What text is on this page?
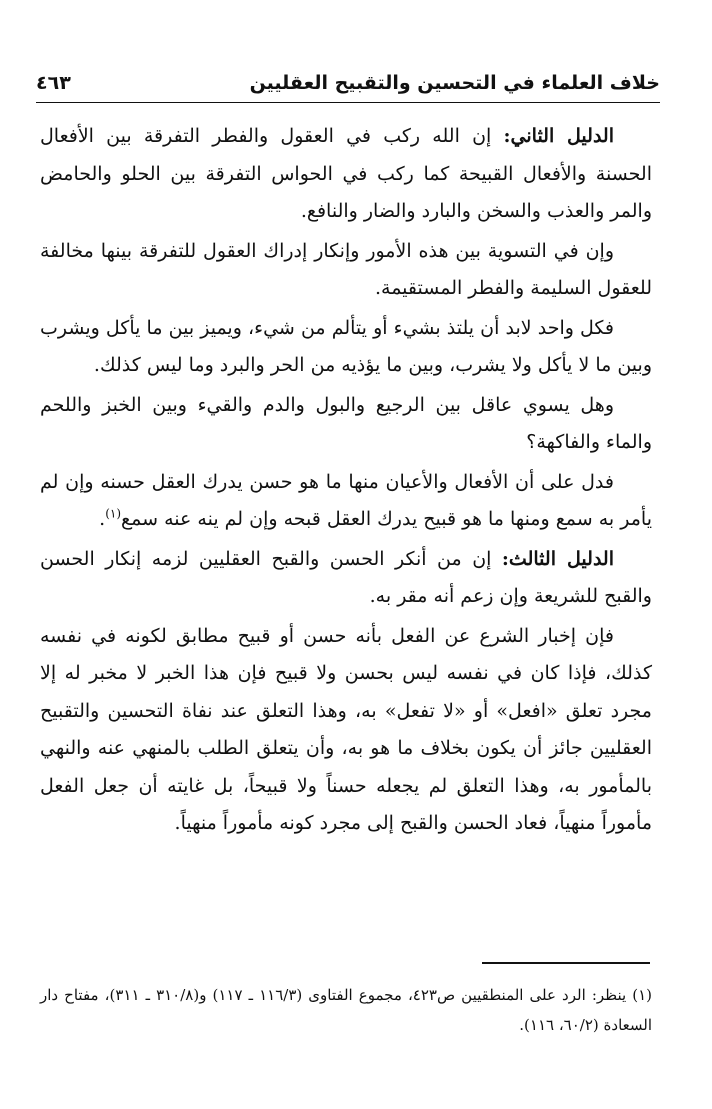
خلاف العلماء في التحسين والتقبيح العقليين
٤٦٣

الدليل الثاني: إن الله ركب في العقول والفطر التفرقة بين الأفعال الحسنة والأفعال القبيحة كما ركب في الحواس التفرقة بين الحلو والحامض والمر والعذب والسخن والبارد والضار والنافع.

وإن في التسوية بين هذه الأمور وإنكار إدراك العقول للتفرقة بينها مخالفة للعقول السليمة والفطر المستقيمة.

فكل واحد لابد أن يلتذ بشيء أو يتألم من شيء، ويميز بين ما يأكل ويشرب وبين ما لا يأكل ولا يشرب، وبين ما يؤذيه من الحر والبرد وما ليس كذلك.

وهل يسوي عاقل بين الرجيع والبول والدم والقيء وبين الخبز واللحم والماء والفاكهة؟

فدل على أن الأفعال والأعيان منها ما هو حسن يدرك العقل حسنه وإن لم يأمر به سمع ومنها ما هو قبيح يدرك العقل قبحه وإن لم ينه عنه سمع$^{(١)}$.

الدليل الثالث: إن من أنكر الحسن والقبح العقليين لزمه إنكار الحسن والقبح للشريعة وإن زعم أنه مقر به.

فإن إخبار الشرع عن الفعل بأنه حسن أو قبيح مطابق لكونه في نفسه كذلك، فإذا كان في نفسه ليس بحسن ولا قبيح فإن هذا الخبر لا مخبر له إلا مجرد تعلق «افعل» أو «لا تفعل» به، وهذا التعلق عند نفاة التحسين والتقبيح العقليين جائز أن يكون بخلاف ما هو به، وأن يتعلق الطلب بالمنهي عنه والنهي بالمأمور به، وهذا التعلق لم يجعله حسناً ولا قبيحاً، بل غايته أن جعل الفعل مأموراً منهياً، فعاد الحسن والقبح إلى مجرد كونه مأموراً منهياً.

(١) ينظر: الرد على المنطقيين ص٤٢٣، مجموع الفتاوى (١١٦/٣ ـ ١١٧) و(٣١٠/٨ ـ ٣١١)، مفتاح دار السعادة (٦٠/٢، ١١٦).
